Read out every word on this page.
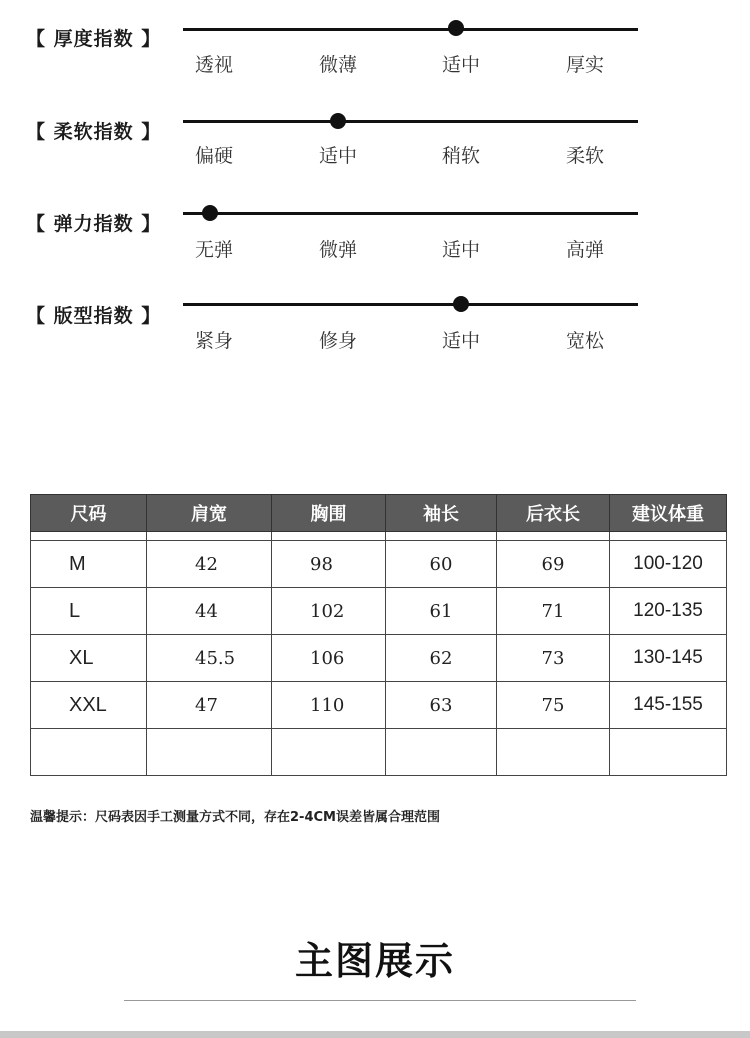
【 厚度指数 】
透视	微薄	适中	厚实
【 柔软指数 】
偏硬	适中	稍软	柔软
【 弹力指数 】
无弹	微弹	适中	高弹
【 版型指数 】
紧身	修身	适中	宽松
尺码	肩宽	胸围	袖长	后衣长	建议体重

M	42	98	60	69	100-120
L	44	102	61	71	120-135
XL	45.5	106	62	73	130-145
XXL	47	110	63	75	145-155

温馨提示：尺码表因手工测量方式不同，存在2-4CM误差皆属合理范围
主图展示
